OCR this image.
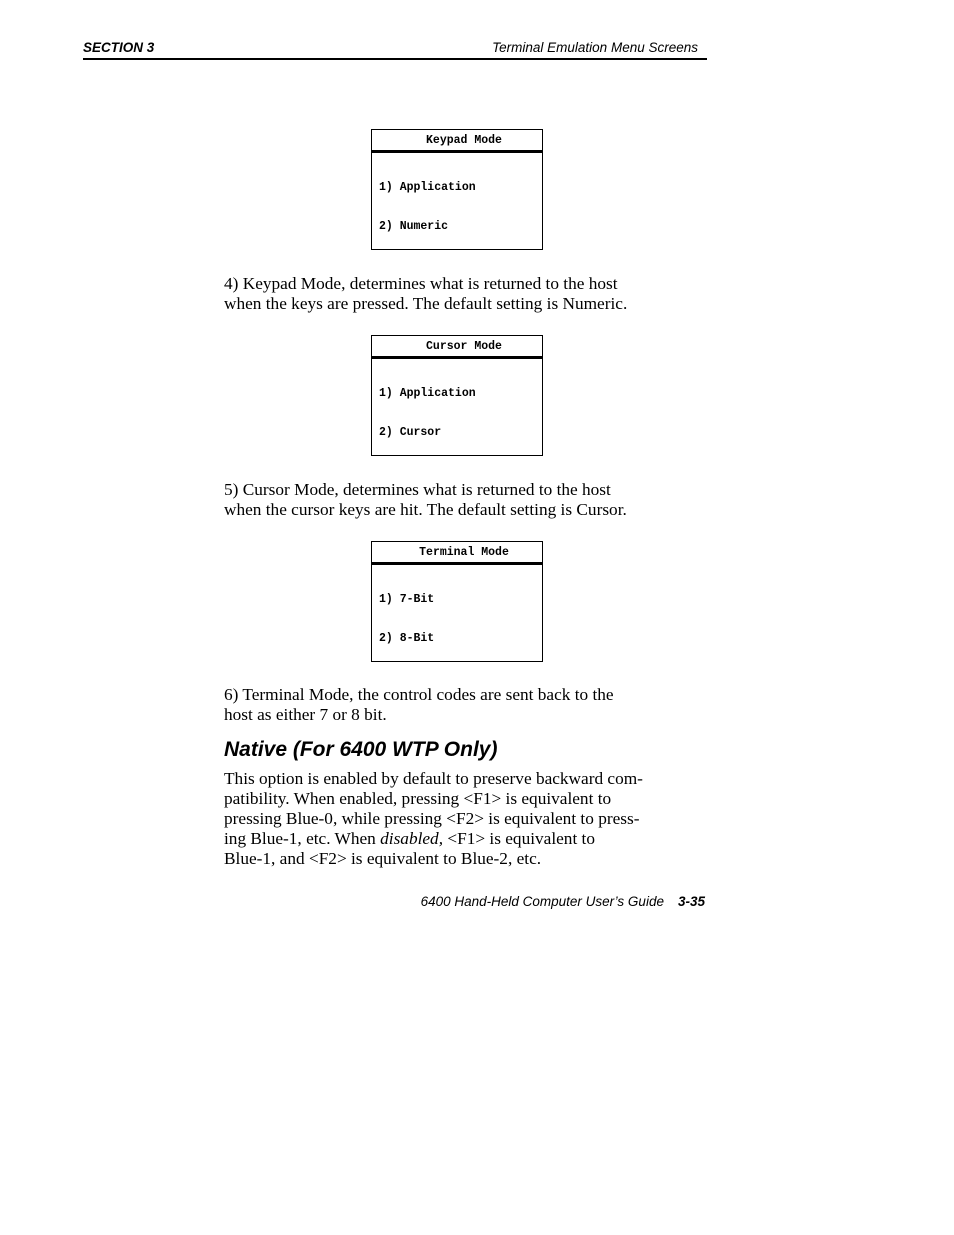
SECTION 3	Terminal Emulation Menu Screens
Keypad Mode

1) Application

2) Numeric

4) Keypad Mode, determines what is returned to the host
when the keys are pressed. The default setting is Numeric.
Cursor Mode

1) Application

2) Cursor

5) Cursor Mode, determines what is returned to the host
when the cursor keys are hit. The default setting is Cursor.
Terminal Mode

1) 7-Bit

2) 8-Bit

6) Terminal Mode, the control codes are sent back to the
host as either 7 or 8 bit.
Native (For 6400 WTP Only)
This option is enabled by default to preserve backward com-
patibility. When enabled, pressing <F1> is equivalent to
pressing Blue-0, while pressing <F2> is equivalent to press-
ing Blue-1, etc. When disabled, <F1> is equivalent to
Blue-1, and <F2> is equivalent to Blue-2, etc.
6400 Hand-Held Computer User’s Guide 3-35
